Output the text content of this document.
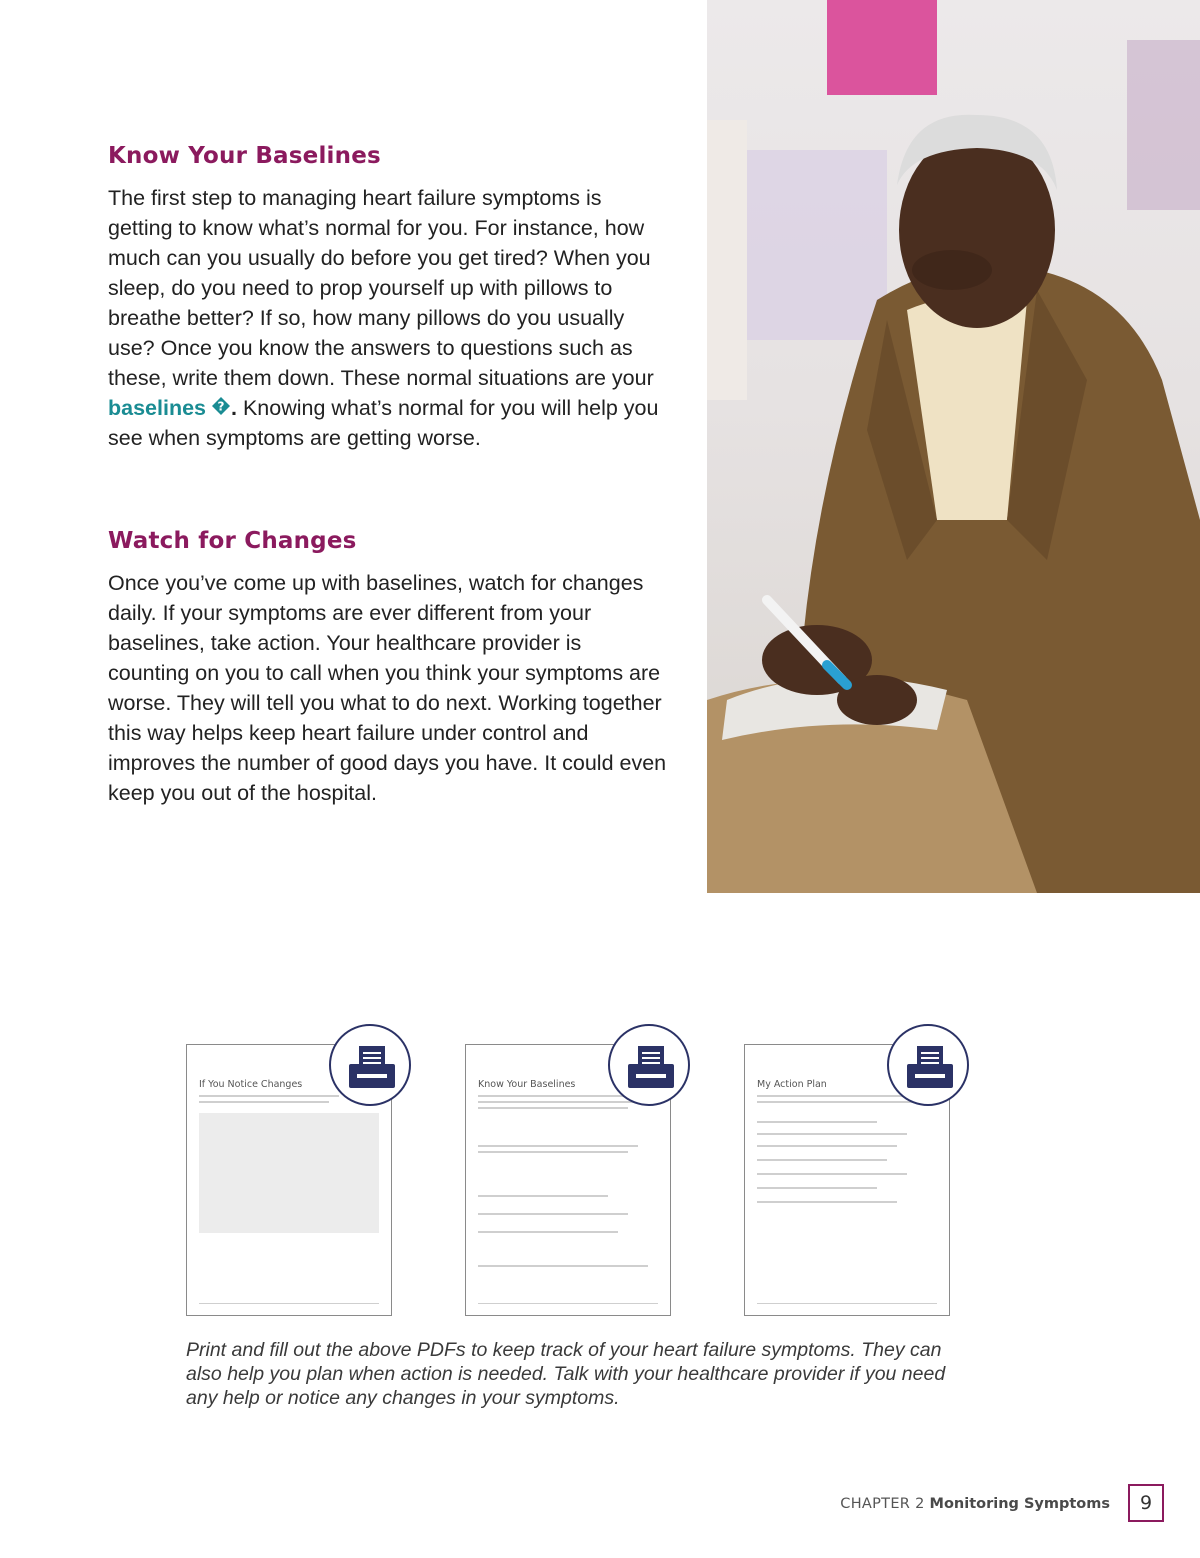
Know Your Baselines

The first step to managing heart failure symptoms is getting to know what’s normal for you. For instance, how much can you usually do before you get tired? When you sleep, do you need to prop yourself up with pillows to breathe better? If so, how many pillows do you usually use? Once you know the answers to questions such as these, write them down. These normal situations are your baselines ? . Knowing what’s normal for you will help you see when symptoms are getting worse.

Watch for Changes

Once you’ve come up with baselines, watch for changes daily. If your symptoms are ever different from your baselines, take action. Your healthcare provider is counting on you to call when you think your symptoms are worse. They will tell you what to do next. Working together this way helps keep heart failure under control and improves the number of good days you have. It could even keep you out of the hospital.

If You Notice Changes	Know Your Baselines	My Action Plan

Print and fill out the above PDFs to keep track of your heart failure symptoms. They can also help you plan when action is needed. Talk with your healthcare provider if you need any help or notice any changes in your symptoms.

CHAPTER 2 Monitoring Symptoms	9
